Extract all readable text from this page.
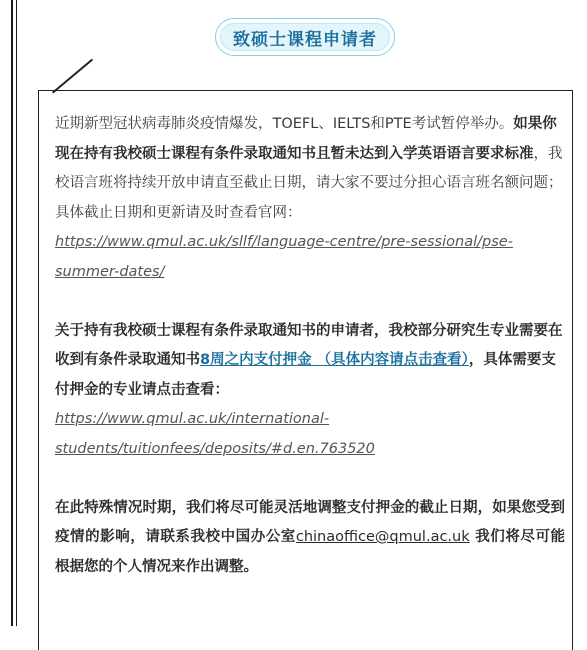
致硕士课程申请者

近期新型冠状病毒肺炎疫情爆发，TOEFL、IELTS和PTE考试暂停举办。如果你现在持有我校硕士课程有条件录取通知书且暂未达到入学英语语言要求标准，我校语言班将持续开放申请直至截止日期，请大家不要过分担心语言班名额问题；具体截止日期和更新请及时查看官网：https://www.qmul.ac.uk/sllf/language-centre/pre-sessional/pse-summer-dates/

关于持有我校硕士课程有条件录取通知书的申请者，我校部分研究生专业需要在收到有条件录取通知书8周之内支付押金 （具体内容请点击查看），具体需要支付押金的专业请点击查看：
https://www.qmul.ac.uk/international-students/tuitionfees/deposits/#d.en.763520

在此特殊情况时期，我们将尽可能灵活地调整支付押金的截止日期，如果您受到疫情的影响，请联系我校中国办公室chinaoffice@qmul.ac.uk 我们将尽可能根据您的个人情况来作出调整。
